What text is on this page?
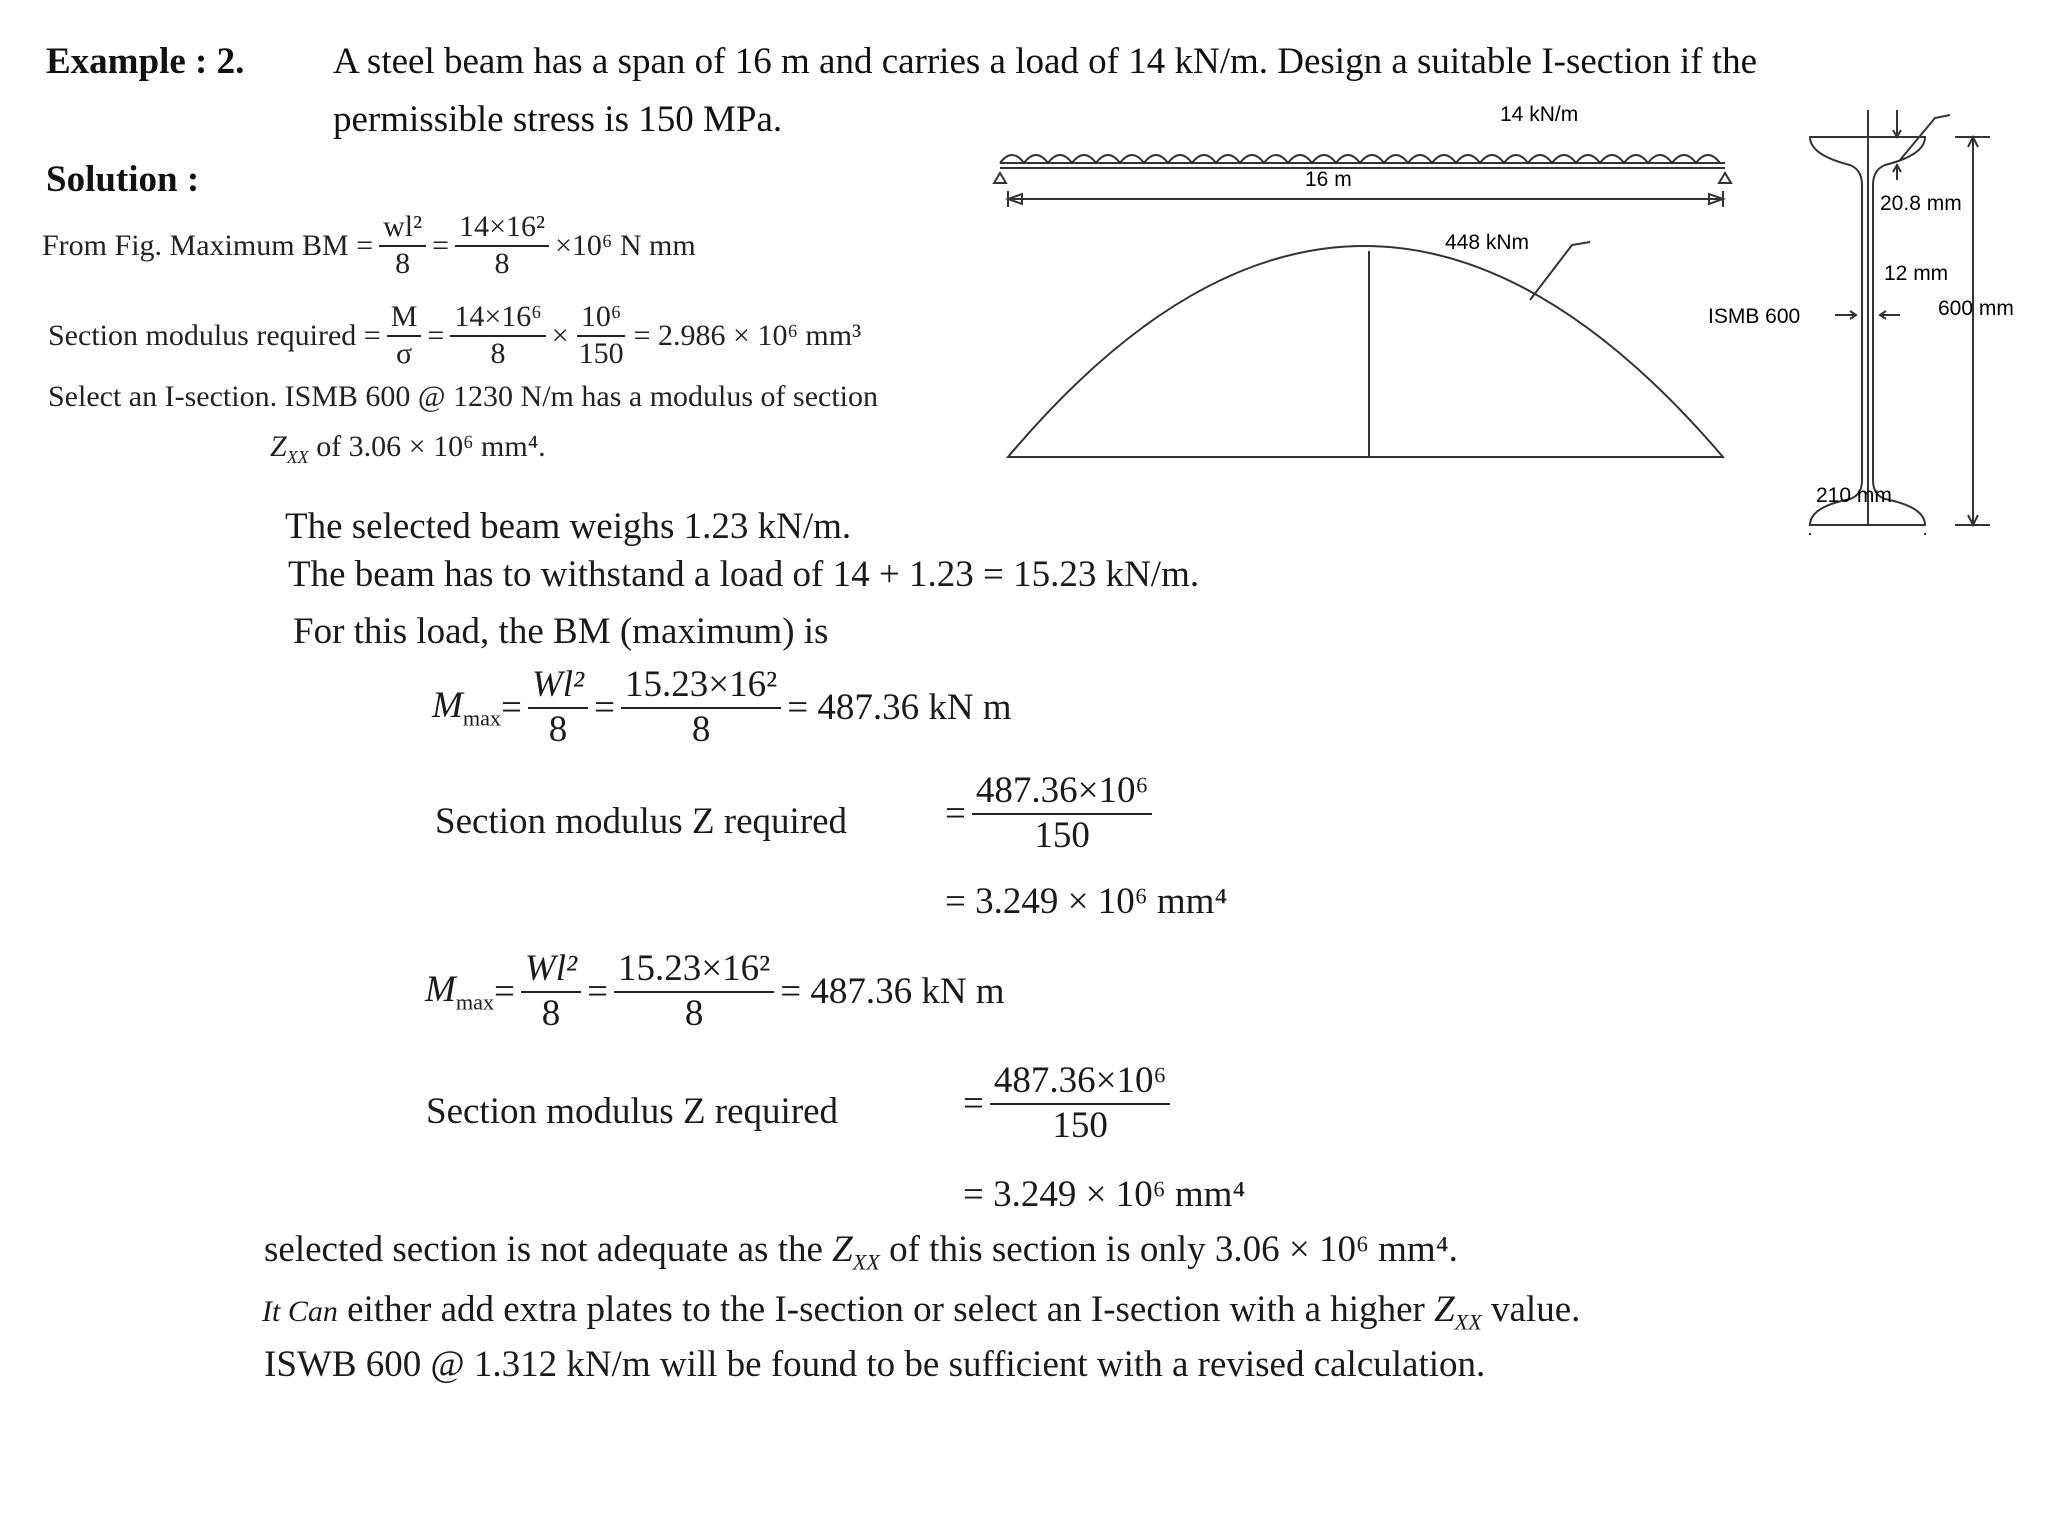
Example : 2. A steel beam has a span of 16 m and carries a load of 14 kN/m. Design a suitable I-section if the
permissible stress is 150 MPa.
Solution :
From Fig. Maximum BM = $\frac{\text{wl²}}{8} = \frac{\text{14×16²}}{8} \times 10^6$ N mm
Section modulus required = $\frac{M}{\sigma} = \frac{\text{14×16⁶}}{8} \times \frac{\text{10⁶}}{150} = 2.986 \times 10^6$ mm³
Select an I-section. ISMB 600 @ 1230 N/m has a modulus of section
$Z_{XX}$ of 3.06 × 10⁶ mm⁴.
14 kN/m
16 m
448 kNm
ISMB 600
20.8 mm
12 mm
600 mm
210 mm
The selected beam weighs 1.23 kN/m.
The beam has to withstand a load of 14 + 1.23 = 15.23 kN/m.
For this load, the BM (maximum) is
$M_{max} = \frac{\text{Wl²}}{8} = \frac{\text{15.23×16²}}{8} = 487.36$ kN m
Section modulus Z required	= $\frac{\text{487.36×10⁶}}{150}$
= 3.249 × 10⁶ mm⁴
$M_{max} = \frac{\text{Wl²}}{8} = \frac{\text{15.23×16²}}{8} = 487.36$ kN m
Section modulus Z required	= $\frac{\text{487.36×10⁶}}{150}$
= 3.249 × 10⁶ mm⁴
selected section is not adequate as the $Z_{XX}$ of this section is only 3.06 × 10⁶ mm⁴.
It Can either add extra plates to the I-section or select an I-section with a higher $Z_{XX}$ value.
ISWB 600 @ 1.312 kN/m will be found to be sufficient with a revised calculation.
